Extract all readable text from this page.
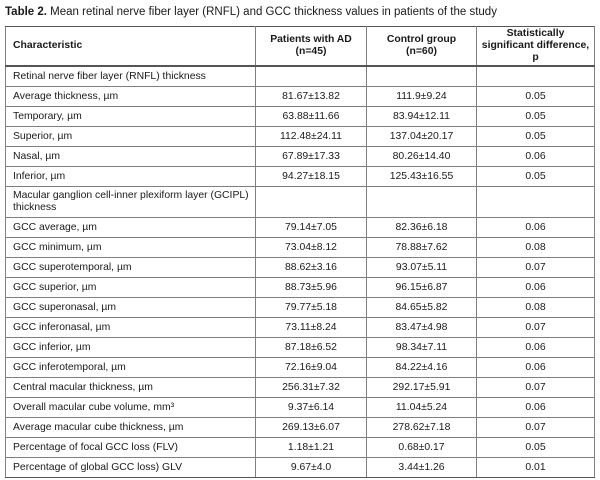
Table 2. Mean retinal nerve fiber layer (RNFL) and GCC thickness values in patients of the study
Characteristic	Patients with AD (n=45)	Control group (n=60)	Statistically significant difference, p
Retinal nerve fiber layer (RNFL) thickness			
Average thickness, µm	81.67±13.82	111.9±9.24	0.05
Temporary, µm	63.88±11.66	83.94±12.11	0.05
Superior, µm	112.48±24.11	137.04±20.17	0.05
Nasal, µm	67.89±17.33	80.26±14.40	0.06
Inferior, µm	94.27±18.15	125.43±16.55	0.05
Macular ganglion cell-inner plexiform layer (GCIPL) thickness			
GCC average, µm	79.14±7.05	82.36±6.18	0.06
GCC minimum, µm	73.04±8.12	78.88±7.62	0.08
GCC superotemporal, µm	88.62±3.16	93.07±5.11	0.07
GCC superior, µm	88.73±5.96	96.15±6.87	0.06
GCC superonasal, µm	79.77±5.18	84.65±5.82	0.08
GCC inferonasal, µm	73.11±8.24	83.47±4.98	0.07
GCC inferior, µm	87.18±6.52	98.34±7.11	0.06
GCC inferotemporal, µm	72.16±9.04	84.22±4.16	0.06
Central macular thickness, µm	256.31±7.32	292.17±5.91	0.07
Overall macular cube volume, mm³	9.37±6.14	11.04±5.24	0.06
Average macular cube thickness, µm	269.13±6.07	278.62±7.18	0.07
Percentage of focal GCC loss (FLV)	1.18±1.21	0.68±0.17	0.05
Percentage of global GCC loss) GLV	9.67±4.0	3.44±1.26	0.01
